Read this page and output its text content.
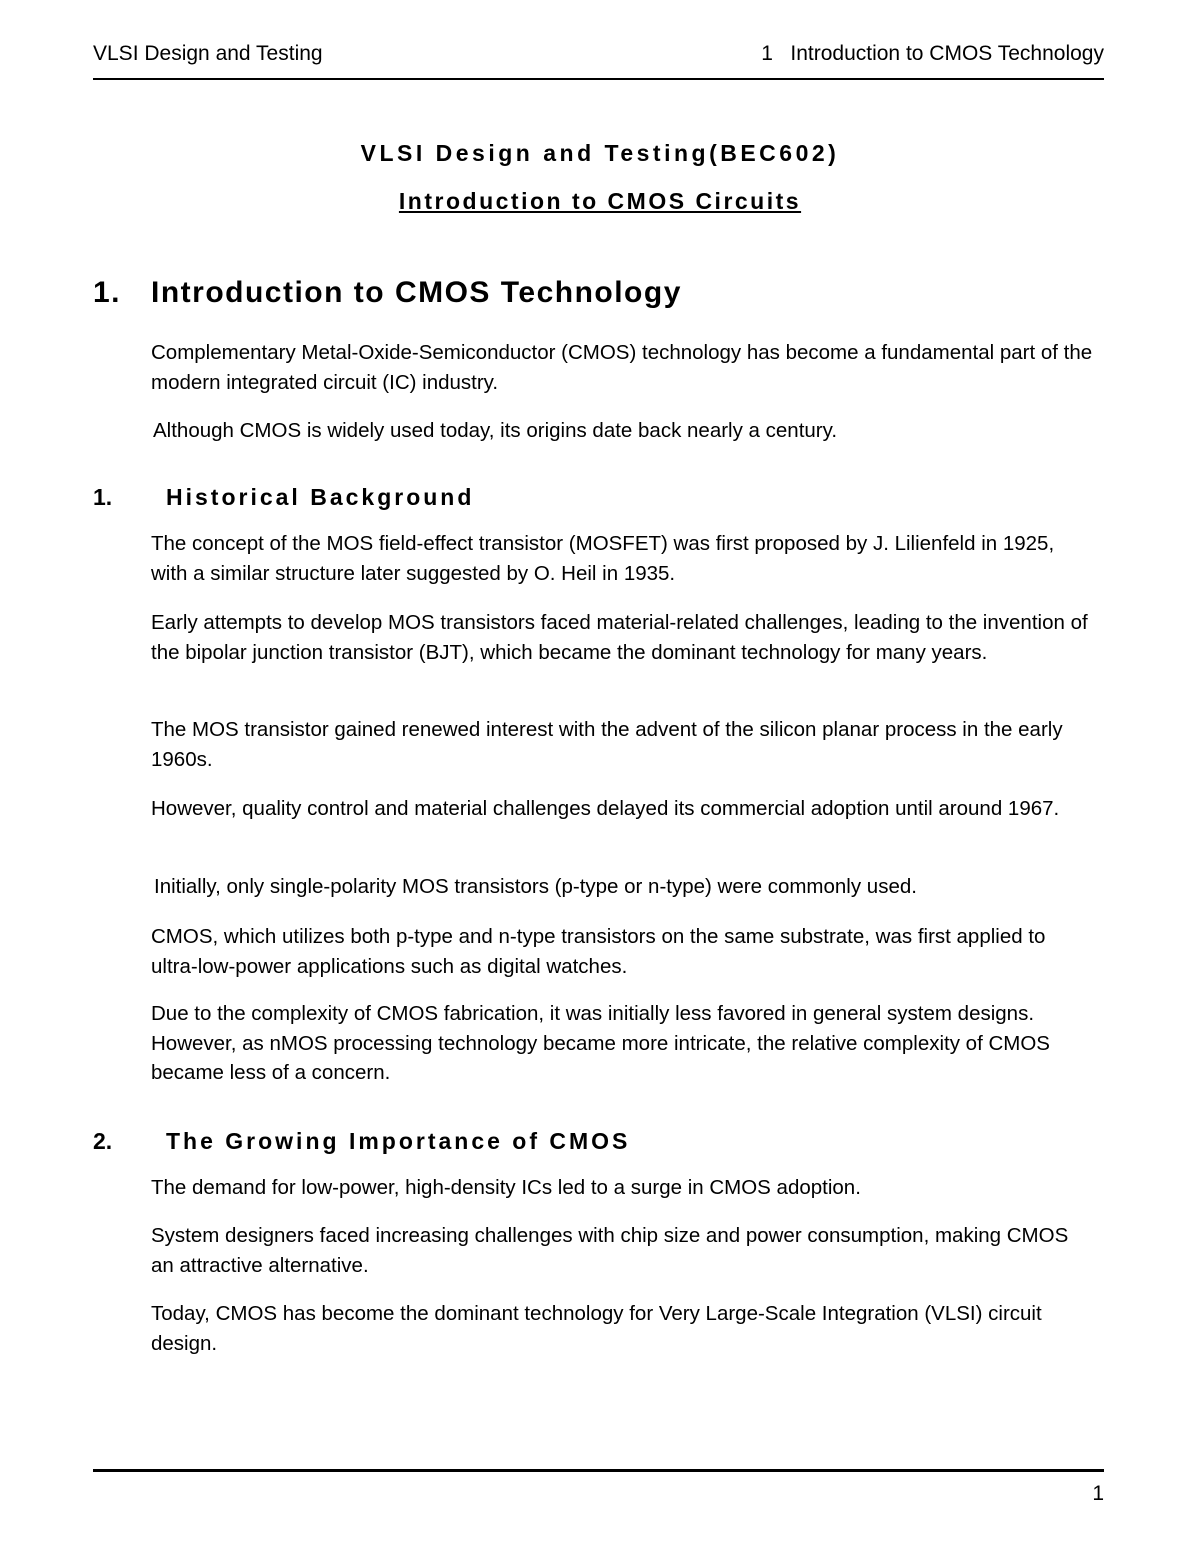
VLSI Design and Testing	1   Introduction to CMOS Technology
VLSI Design and Testing(BEC602)
Introduction to CMOS Circuits
1. Introduction to CMOS Technology

Complementary Metal-Oxide-Semiconductor (CMOS) technology has become a fundamental part of the modern integrated circuit (IC) industry.

Although CMOS is widely used today, its origins date back nearly a century.

1. Historical Background

The concept of the MOS field-effect transistor (MOSFET) was first proposed by J. Lilienfeld in 1925, with a similar structure later suggested by O. Heil in 1935.

Early attempts to develop MOS transistors faced material-related challenges, leading to the invention of the bipolar junction transistor (BJT), which became the dominant technology for many years.

The MOS transistor gained renewed interest with the advent of the silicon planar process in the early 1960s.

However, quality control and material challenges delayed its commercial adoption until around 1967.

Initially, only single-polarity MOS transistors (p-type or n-type) were commonly used.

CMOS, which utilizes both p-type and n-type transistors on the same substrate, was first applied to ultra-low-power applications such as digital watches.

Due to the complexity of CMOS fabrication, it was initially less favored in general system designs. However, as nMOS processing technology became more intricate, the relative complexity of CMOS became less of a concern.

2. The Growing Importance of CMOS

The demand for low-power, high-density ICs led to a surge in CMOS adoption.

System designers faced increasing challenges with chip size and power consumption, making CMOS an attractive alternative.

Today, CMOS has become the dominant technology for Very Large-Scale Integration (VLSI) circuit design.

1
